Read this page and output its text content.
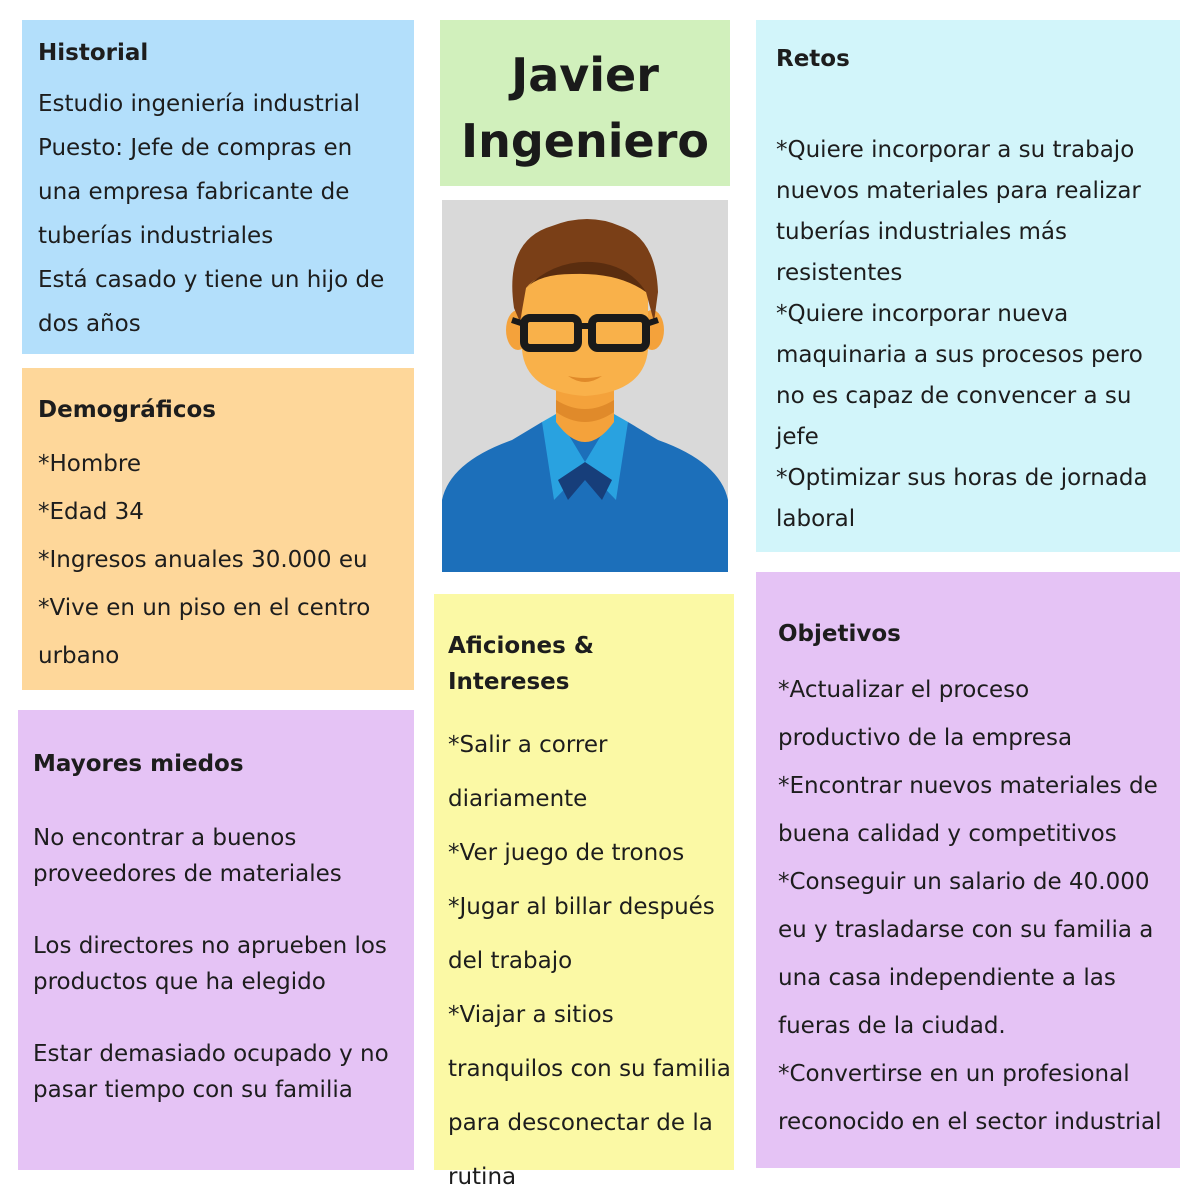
Historial
Estudio ingeniería industrial
Puesto: Jefe de compras en
una empresa fabricante de
tuberías industriales
Está casado y tiene un hijo de
dos años
Javier
Ingeniero
Retos
*Quiere incorporar a su trabajo
nuevos materiales para realizar
tuberías industriales más
resistentes
*Quiere incorporar nueva
maquinaria a sus procesos pero
no es capaz de convencer a su
jefe
*Optimizar sus horas de jornada
laboral
Demográficos
*Hombre
*Edad 34
*Ingresos anuales 30.000 eu
*Vive en un piso en el centro
urbano
Mayores miedos
No encontrar a buenos
proveedores de materiales
Los directores no aprueben los
productos que ha elegido
Estar demasiado ocupado y no
pasar tiempo con su familia
Aficiones & Intereses
*Salir a correr
diariamente
*Ver juego de tronos
*Jugar al billar después
del trabajo
*Viajar a sitios
tranquilos con su familia
para desconectar de la
rutina
Objetivos
*Actualizar el proceso
productivo de la empresa
*Encontrar nuevos materiales de
buena calidad y competitivos
*Conseguir un salario de 40.000
eu y trasladarse con su familia a
una casa independiente a las
fueras de la ciudad.
*Convertirse en un profesional
reconocido en el sector industrial
